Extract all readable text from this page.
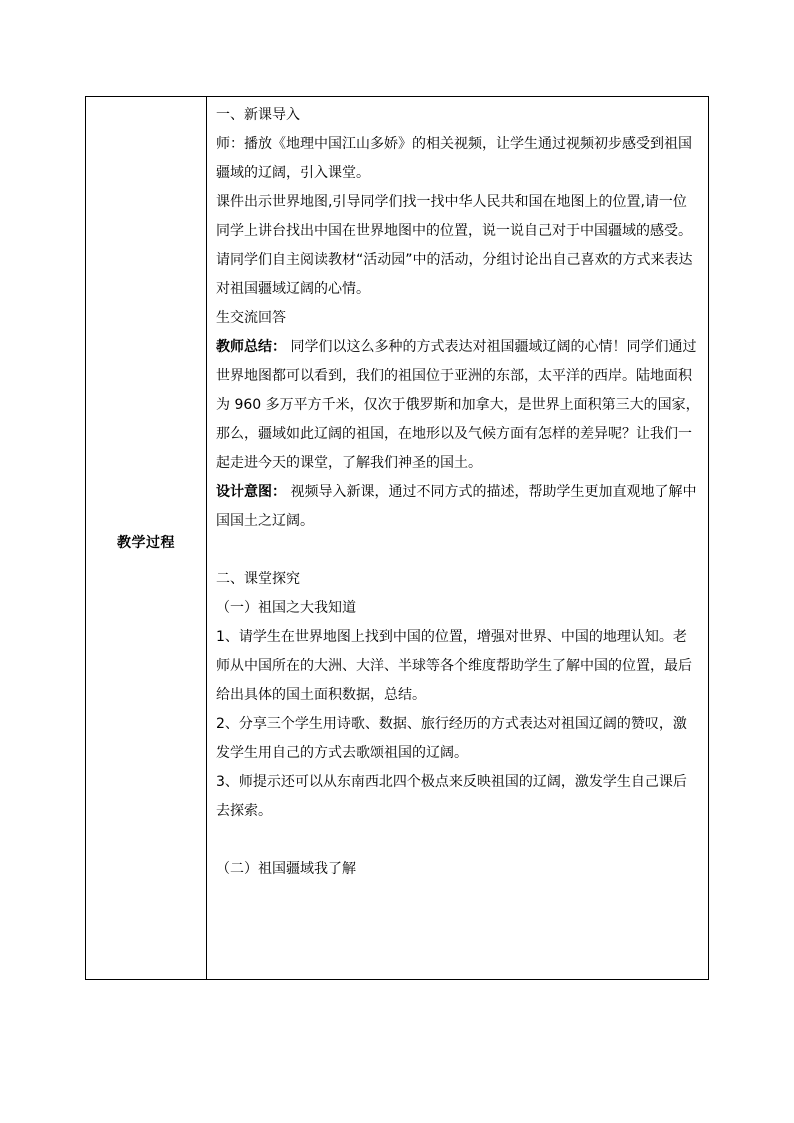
教学过程

一、新课导入

师：播放《地理中国江山多娇》的相关视频，让学生通过视频初步感受到祖国疆域的辽阔，引入课堂。

课件出示世界地图,引导同学们找一找中华人民共和国在地图上的位置,请一位同学上讲台找出中国在世界地图中的位置，说一说自己对于中国疆域的感受。

请同学们自主阅读教材“活动园”中的活动，分组讨论出自己喜欢的方式来表达对祖国疆域辽阔的心情。

生交流回答

教师总结： 同学们以这么多种的方式表达对祖国疆域辽阔的心情！同学们通过世界地图都可以看到，我们的祖国位于亚洲的东部，太平洋的西岸。陆地面积为 960 多万平方千米，仅次于俄罗斯和加拿大，是世界上面积第三大的国家，那么，疆域如此辽阔的祖国，在地形以及气候方面有怎样的差异呢？让我们一起走进今天的课堂，了解我们神圣的国土。

设计意图： 视频导入新课，通过不同方式的描述，帮助学生更加直观地了解中国国土之辽阔。

二、课堂探究

（一）祖国之大我知道

1、请学生在世界地图上找到中国的位置，增强对世界、中国的地理认知。老师从中国所在的大洲、大洋、半球等各个维度帮助学生了解中国的位置，最后给出具体的国土面积数据，总结。

2、分享三个学生用诗歌、数据、旅行经历的方式表达对祖国辽阔的赞叹，激发学生用自己的方式去歌颂祖国的辽阔。

3、师提示还可以从东南西北四个极点来反映祖国的辽阔，激发学生自己课后去探索。

（二）祖国疆域我了解
